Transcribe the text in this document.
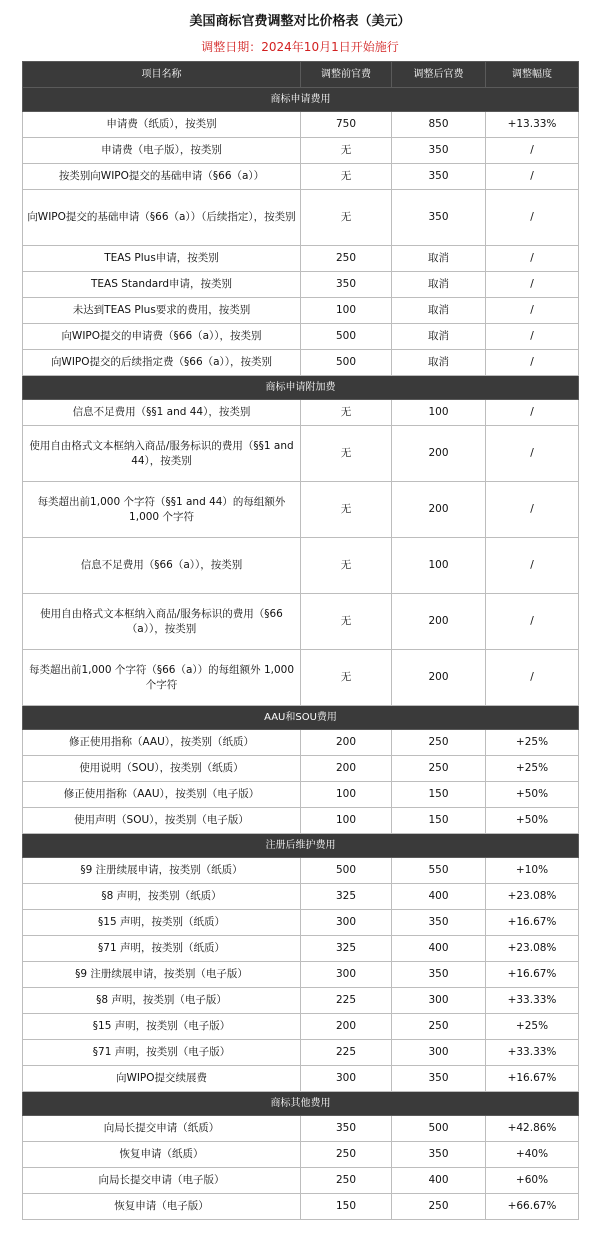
美国商标官费调整对比价格表（美元）
调整日期：2024年10月1日开始施行
项目名称	调整前官费	调整后官费	调整幅度
商标申请费用			
申请费（纸质），按类别	750	850	+13.33%
申请费（电子版），按类别	无	350	/
按类别向WIPO提交的基础申请（§66（a））	无	350	/
向WIPO提交的基础申请（§66（a））（后续指定），按类别	无	350	/
TEAS Plus申请，按类别	250	取消	/
TEAS Standard申请，按类别	350	取消	/
未达到TEAS Plus要求的费用，按类别	100	取消	/
向WIPO提交的申请费（§66（a）），按类别	500	取消	/
向WIPO提交的后续指定费（§66（a）），按类别	500	取消	/
商标申请附加费			
信息不足费用（§§1 and 44），按类别	无	100	/
使用自由格式文本框纳入商品/服务标识的费用（§§1 and 44），按类别	无	200	/
每类超出前1,000 个字符（§§1 and 44）的每组额外 1,000 个字符	无	200	/
信息不足费用（§66（a）），按类别	无	100	/
使用自由格式文本框纳入商品/服务标识的费用（§66（a）），按类别	无	200	/
每类超出前1,000 个字符（§66（a））的每组额外 1,000 个字符	无	200	/
AAU和SOU费用			
修正使用指称（AAU），按类别（纸质）	200	250	+25%
使用说明（SOU），按类别（纸质）	200	250	+25%
修正使用指称（AAU），按类别（电子版）	100	150	+50%
使用声明（SOU），按类别（电子版）	100	150	+50%
注册后维护费用			
§9 注册续展申请，按类别（纸质）	500	550	+10%
§8 声明，按类别（纸质）	325	400	+23.08%
§15 声明，按类别（纸质）	300	350	+16.67%
§71 声明，按类别（纸质）	325	400	+23.08%
§9 注册续展申请，按类别（电子版）	300	350	+16.67%
§8 声明，按类别（电子版）	225	300	+33.33%
§15 声明，按类别（电子版）	200	250	+25%
§71 声明，按类别（电子版）	225	300	+33.33%
向WIPO提交续展费	300	350	+16.67%
商标其他费用			
向局长提交申请（纸质）	350	500	+42.86%
恢复申请（纸质）	250	350	+40%
向局长提交申请（电子版）	250	400	+60%
恢复申请（电子版）	150	250	+66.67%
